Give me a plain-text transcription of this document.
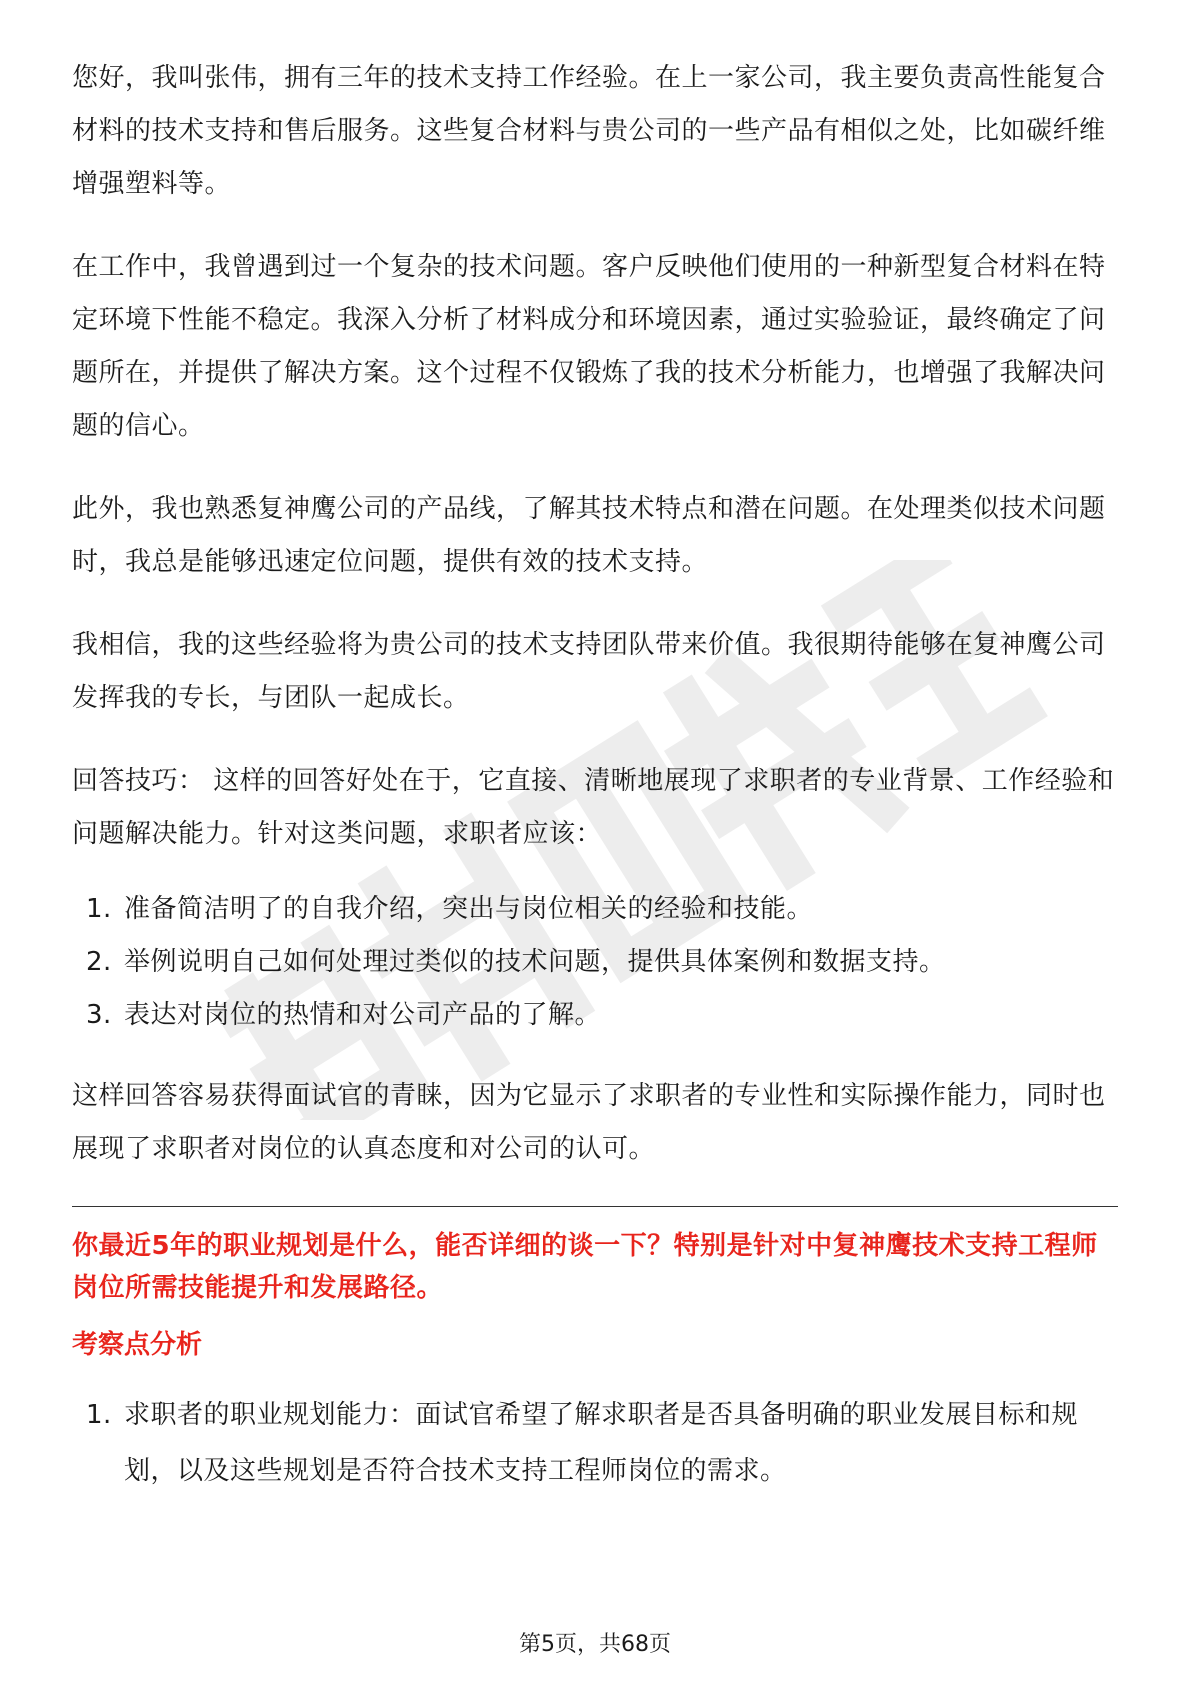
您好，我叫张伟，拥有三年的技术支持工作经验。在上一家公司，我主要负责高性能复合材料的技术支持和售后服务。这些复合材料与贵公司的一些产品有相似之处，比如碳纤维增强塑料等。

在工作中，我曾遇到过一个复杂的技术问题。客户反映他们使用的一种新型复合材料在特定环境下性能不稳定。我深入分析了材料成分和环境因素，通过实验验证，最终确定了问题所在，并提供了解决方案。这个过程不仅锻炼了我的技术分析能力，也增强了我解决问题的信心。

此外，我也熟悉复神鹰公司的产品线，了解其技术特点和潜在问题。在处理类似技术问题时，我总是能够迅速定位问题，提供有效的技术支持。

我相信，我的这些经验将为贵公司的技术支持团队带来价值。我很期待能够在复神鹰公司发挥我的专长，与团队一起成长。

回答技巧： 这样的回答好处在于，它直接、清晰地展现了求职者的专业背景、工作经验和问题解决能力。针对这类问题，求职者应该：

1. 准备简洁明了的自我介绍，突出与岗位相关的经验和技能。
2. 举例说明自己如何处理过类似的技术问题，提供具体案例和数据支持。
3. 表达对岗位的热情和对公司产品的了解。

这样回答容易获得面试官的青睐，因为它显示了求职者的专业性和实际操作能力，同时也展现了求职者对岗位的认真态度和对公司的认可。

你最近5年的职业规划是什么，能否详细的谈一下？特别是针对中复神鹰技术支持工程师岗位所需技能提升和发展路径。

考察点分析

1. 求职者的职业规划能力：面试官希望了解求职者是否具备明确的职业发展目标和规划，以及这些规划是否符合技术支持工程师岗位的需求。
第5页，共68页
